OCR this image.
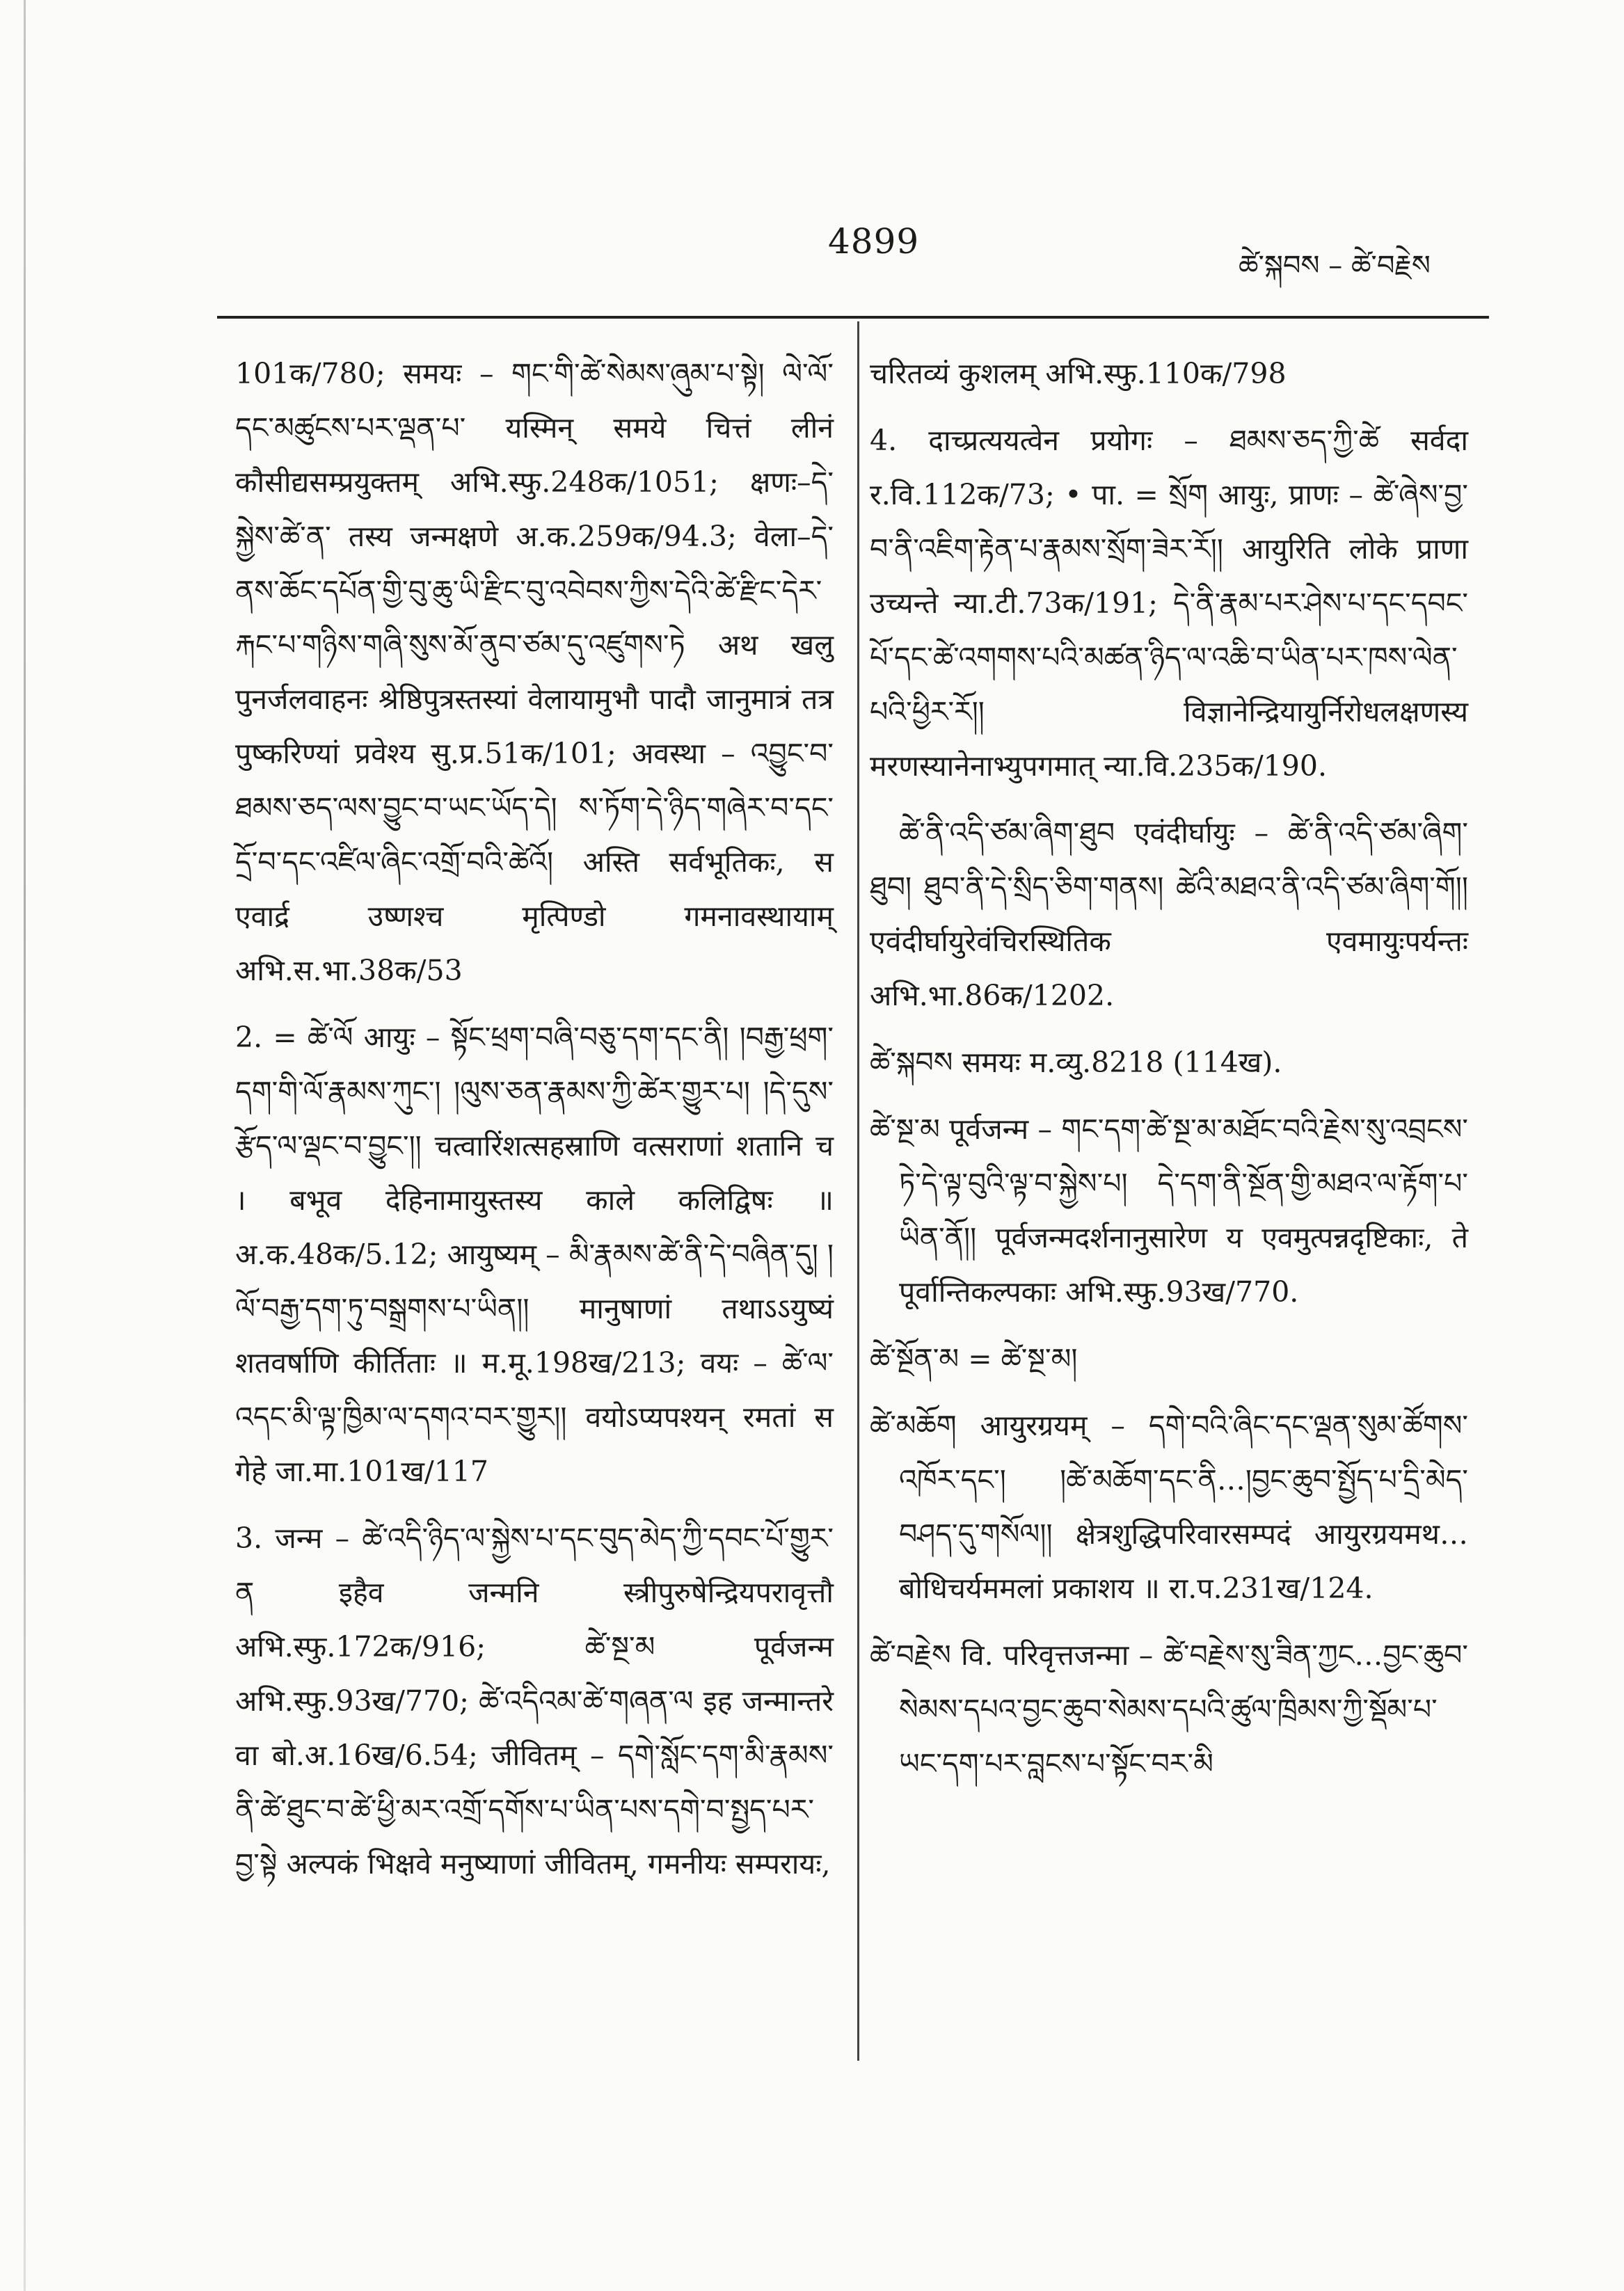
4899
ཚེ་སྐབས – ཚེ་བརྗེས

101क/780; समयः – གང་གི་ཚེ་སེམས་ཞུམ་པ་སྟེ། ལེ་ལོ་དང་མཚུངས་པར་ལྡན་པ་ यस्मिन् समये चित्तं लीनं कौसीद्यसम्प्रयुक्तम् अभि.स्फु.248क/1051; क्षणः–དེ་སྐྱེས་ཚེ་ན་ तस्य जन्मक्षणे अ.क.259क/94.3; वेला–དེ་ནས་ཆོང་དཔོན་གྱི་བུ་ཆུ་ཡི་རྫིང་བུ་འབེབས་ཀྱིས་དེའི་ཚེ་རྫིང་དེར་རྐང་པ་གཉིས་གཞི་སུས་མོ་ནུབ་ཙམ་དུ་འཛུགས་ཏེ अथ खलु पुनर्जलवाहनः श्रेष्ठिपुत्रस्तस्यां वेलायामुभौ पादौ जानुमात्रं तत्र पुष्करिण्यां प्रवेश्य सु.प्र.51क/101; अवस्था – འབྱུང་བ་ཐམས་ཅད་ལས་བྱུང་བ་ཡང་ཡོད་དེ། ས་ཏོག་དེ་ཉིད་གཞེར་བ་དང་དྲོ་བ་དང་འཛིལ་ཞིང་འགྲོ་བའི་ཚེའོ། अस्ति सर्वभूतिकः, स एवार्द्र उष्णश्च मृत्पिण्डो गमनावस्थायाम् अभि.स.भा.38क/53

2. = ཚེ་ལོ आयुः – སྟོང་ཕྲག་བཞི་བཅུ་དག་དང་ནི། །བརྒྱ་ཕྲག་དག་གི་ལོ་རྣམས་ཀུང་། །ལུས་ཅན་རྣམས་ཀྱི་ཚེར་གྱུར་པ། །དེ་དུས་རྩོད་ལ་ལྡང་བ་བྱུང་།། चत्वारिंशत्सहस्राणि वत्सराणां शतानि च । बभूव देहिनामायुस्तस्य काले कलिद्विषः ॥ अ.क.48क/5.12; आयुष्यम् – མི་རྣམས་ཚེ་ནི་དེ་བཞིན་དུ། །ལོ་བརྒྱ་དག་ཏུ་བསྒྲགས་པ་ཡིན།། मानुषाणां तथाऽऽयुष्यं शतवर्षाणि कीर्तिताः ॥ म.मू.198ख/213; वयः – ཚེ་ལ་འདང་མི་ལྟ་ཁྱིམ་ལ་དགའ་བར་གྱུར།། वयोऽप्यपश्यन् रमतां स गेहे जा.मा.101ख/117

3. जन्म – ཚེ་འདི་ཉིད་ལ་སྐྱེས་པ་དང་བུད་མེད་ཀྱི་དབང་པོ་གྱུར་ན इहैव जन्मनि स्त्रीपुरुषेन्द्रियपरावृत्तौ अभि.स्फु.172क/916; ཚེ་སྔ་མ पूर्वजन्म अभि.स्फु.93ख/770; ཚེ་འདིའམ་ཚེ་གཞན་ལ इह जन्मान्तरे वा बो.अ.16ख/6.54; जीवितम् – དགེ་སློང་དག་མི་རྣམས་ནི་ཚེ་ཐུང་བ་ཚེ་ཕྱི་མར་འགྲོ་དགོས་པ་ཡིན་པས་དགེ་བ་སྤྱད་པར་བྱ་སྟེ अल्पकं भिक्षवे मनुष्याणां जीवितम्, गमनीयः सम्परायः,

चरितव्यं कुशलम् अभि.स्फु.110क/798

4. दाच्प्रत्ययत्वेन प्रयोगः – ཐམས་ཅད་ཀྱི་ཚེ सर्वदा र.वि.112क/73; • पा. = སྲོག आयुः, प्राणः – ཚེ་ཞེས་བྱ་བ་ནི་འཇིག་རྟེན་པ་རྣམས་སྲོག་ཟེར་རོ།། आयुरिति लोके प्राणा उच्यन्ते न्या.टी.73क/191; དེ་ནི་རྣམ་པར་ཤེས་པ་དང་དབང་པོ་དང་ཚེ་འགགས་པའི་མཚན་ཉིད་ལ་འཆི་བ་ཡིན་པར་ཁས་ལེན་པའི་ཕྱིར་རོ།། विज्ञानेन्द्रियायुर्निरोधलक्षणस्य मरणस्यानेनाभ्युपगमात् न्या.वि.235क/190.

ཚེ་ནི་འདི་ཙམ་ཞིག་ཐུབ एवंदीर्घायुः – ཚེ་ནི་འདི་ཙམ་ཞིག་ཐུབ། ཐུབ་ནི་དེ་སྲིད་ཅིག་གནས། ཚེའི་མཐའ་ནི་འདི་ཙམ་ཞིག་གོ།། एवंदीर्घायुरेवंचिरस्थितिक एवमायुःपर्यन्तः अभि.भा.86क/1202.

ཚེ་སྐབས समयः म.व्यु.8218 (114ख).

ཚེ་སྔ་མ पूर्वजन्म – གང་དག་ཚེ་སྔ་མ་མཐོང་བའི་རྗེས་སུ་འབྲངས་ཏེ་དེ་ལྟ་བུའི་ལྟ་བ་སྐྱེས་པ། དེ་དག་ནི་སྔོན་གྱི་མཐའ་ལ་རྟོག་པ་ཡིན་ནོ།། पूर्वजन्मदर्शनानुसारेण य एवमुत्पन्नदृष्टिकाः, ते पूर्वान्तिकल्पकाः अभि.स्फु.93ख/770.

ཚེ་སྔོན་མ = ཚེ་སྔ་མ།

ཚེ་མཆོག आयुरग्रयम् – དགེ་བའི་ཞིང་དང་ལྡན་སུམ་ཚོགས་འཁོར་དང་། །ཚེ་མཆོག་དང་ནི…།བྱང་ཆུབ་སྤྱོད་པ་དྲི་མེད་བཤད་དུ་གསོལ།། क्षेत्रशुद्धिपरिवारसम्पदं आयुरग्रयमथ…बोधिचर्यममलां प्रकाशय ॥ रा.प.231ख/124.

ཚེ་བརྗེས वि. परिवृत्तजन्मा – ཚེ་བརྗེས་སུ་ཟིན་ཀྱང…བྱང་ཆུབ་སེམས་དཔའ་བྱང་ཆུབ་སེམས་དཔའི་ཚུལ་ཁྲིམས་ཀྱི་སྡོམ་པ་ཡང་དག་པར་བླངས་པ་སྟོང་བར་མི
